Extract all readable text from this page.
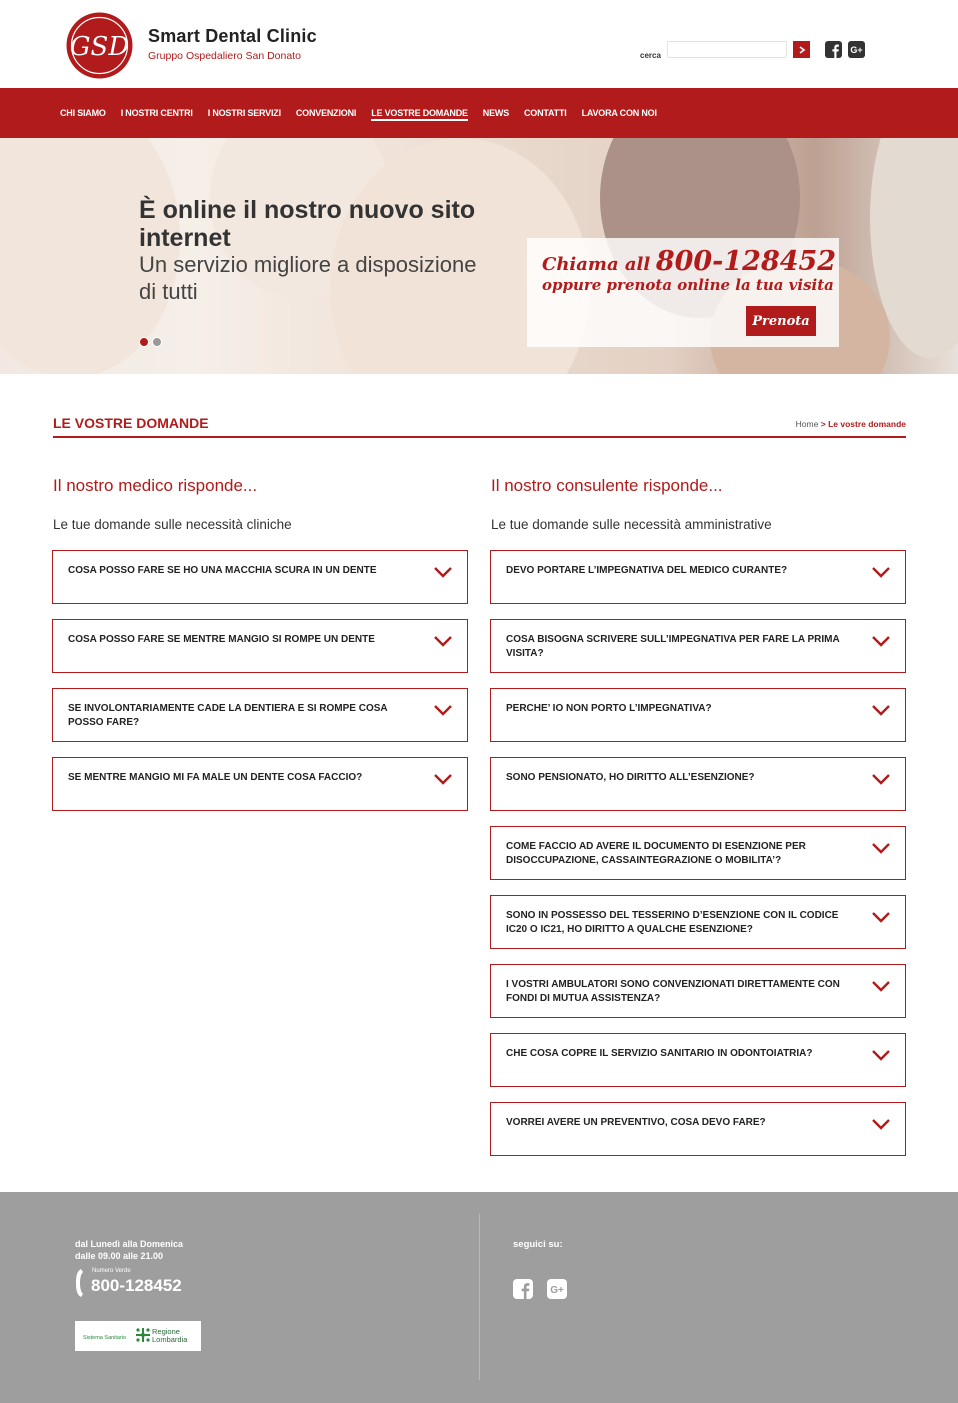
GSD Smart Dental Clinic
Gruppo Ospedaliero San Donato	cerca
G+
CHI SIAMO I NOSTRI CENTRI I NOSTRI SERVIZI CONVENZIONI LE VOSTRE DOMANDE NEWS CONTATTI LAVORA CON NOI
È online il nostro nuovo sito internet
Un servizio migliore a disposizione di tutti
Chiama all 800-128452
oppure prenota online la tua visita
Prenota
LE VOSTRE DOMANDE	Home > Le vostre domande
Il nostro medico risponde...
Le tue domande sulle necessità cliniche
COSA POSSO FARE SE HO UNA MACCHIA SCURA IN UN DENTE
COSA POSSO FARE SE MENTRE MANGIO SI ROMPE UN DENTE
SE INVOLONTARIAMENTE CADE LA DENTIERA E SI ROMPE COSA POSSO FARE?
SE MENTRE MANGIO MI FA MALE UN DENTE COSA FACCIO?
Il nostro consulente risponde...
Le tue domande sulle necessità amministrative
DEVO PORTARE L’IMPEGNATIVA DEL MEDICO CURANTE?
COSA BISOGNA SCRIVERE SULL’IMPEGNATIVA PER FARE LA PRIMA VISITA?
PERCHE’ IO NON PORTO L’IMPEGNATIVA?
SONO PENSIONATO, HO DIRITTO ALL’ESENZIONE?
COME FACCIO AD AVERE IL DOCUMENTO DI ESENZIONE PER DISOCCUPAZIONE, CASSAINTEGRAZIONE O MOBILITA’?
SONO IN POSSESSO DEL TESSERINO D’ESENZIONE CON IL CODICE IC20 O IC21, HO DIRITTO A QUALCHE ESENZIONE?
I VOSTRI AMBULATORI SONO CONVENZIONATI DIRETTAMENTE CON FONDI DI MUTUA ASSISTENZA?
CHE COSA COPRE IL SERVIZIO SANITARIO IN ODONTOIATRIA?
VORREI AVERE UN PREVENTIVO, COSA DEVO FARE?
dal Lunedì alla Domenica
dalle 09.00 alle 21.00
Numero Verde
800-128452
Sistema Sanitario
Regione
Lombardia
seguici su:
G+
